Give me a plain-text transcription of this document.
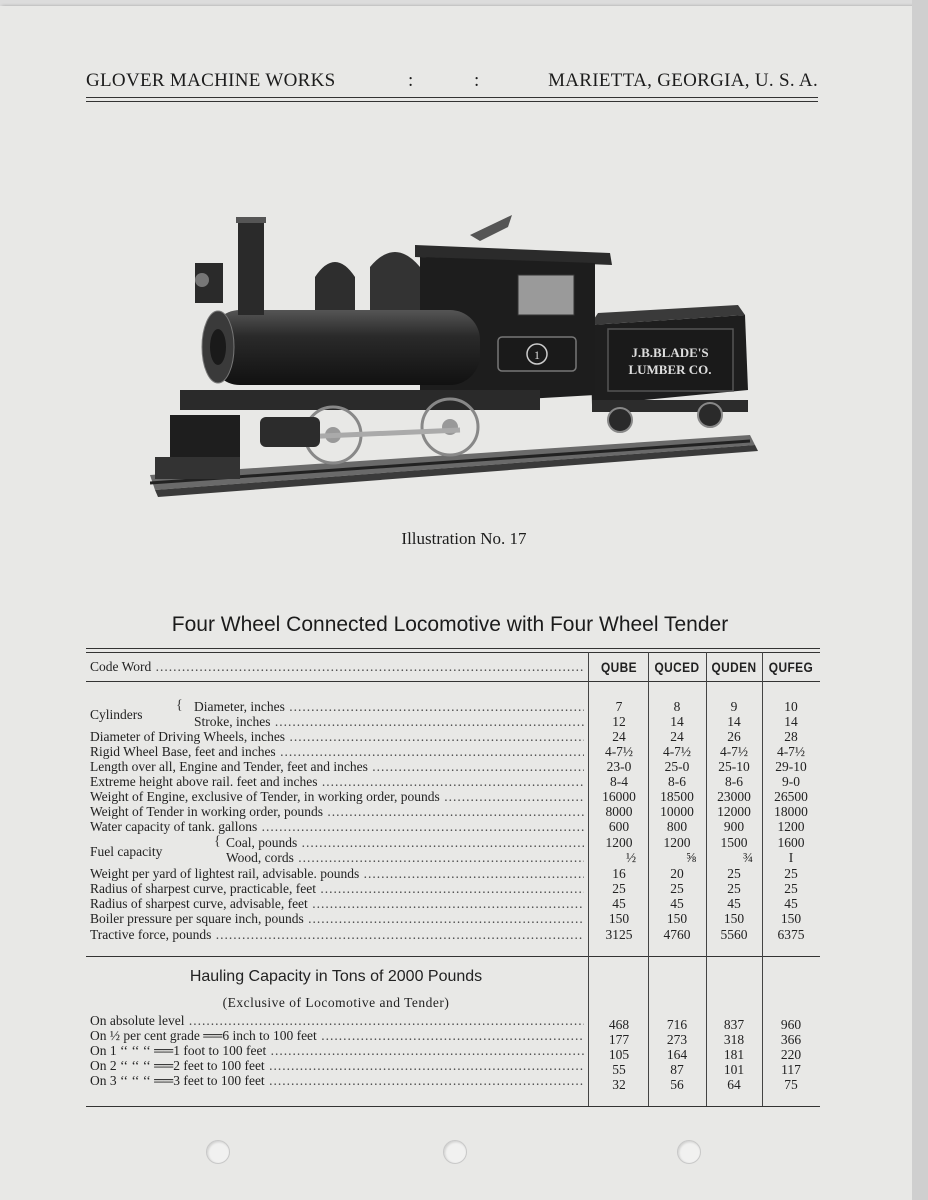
GLOVER MACHINE WORKS	:	:	MARIETTA, GEORGIA, U. S. A.
J.B.BLADE'S
LUMBER CO.
1
Illustration No. 17
Four Wheel Connected Locomotive with Four Wheel Tender
Code Word .....	QUBE	QUCED QUDEN QUFEG
Cylinders
{ Diameter, inches .....	7	8	9	10
Stroke, inches .....	12	14	14	14
Diameter of Driving Wheels, inches .....	24	24	26	28
Rigid Wheel Base, feet and inches .....	4-7½	4-7½	4-7½	4-7½
Length over all, Engine and Tender, feet and inches .....	23-0	25-0	25-10	29-10
Extreme height above rail. feet and inches .....	8-4	8-6	8-6	9-0
Weight of Engine, exclusive of Tender, in working order, pounds .....	16000	18500	23000	26500
Weight of Tender in working order, pounds .....	8000	10000	12000	18000
Water capacity of tank. gallons .....	600	800	900	1200
Fuel capacity
{ Coal, pounds .....	1200	1200	1500	1600
Wood, cords .....	½	⅝	¾	I
Weight per yard of lightest rail, advisable. pounds .....	16	20	25	25
Radius of sharpest curve, practicable, feet .....	25	25	25	25
Radius of sharpest curve, advisable, feet .....	45	45	45	45
Boiler pressure per square inch, pounds .....	150	150	150	150
Tractive force, pounds .....	3125	4760	5560	6375
Hauling Capacity in Tons of 2000 Pounds
(Exclusive of Locomotive and Tender)
On absolute level .....	468	716	837	960
On ½ per cent grade ══6 inch to 100 feet .....	177	273	318	366
On 1 ‘‘ ‘‘ ‘‘ ══1 foot to 100 feet .....	105	164	181	220
On 2 ‘‘ ‘‘ ‘‘ ══2 feet to 100 feet .....	55	87	101	117
On 3 ‘‘ ‘‘ ‘‘ ══3 feet to 100 feet .....	32	56	64	75
